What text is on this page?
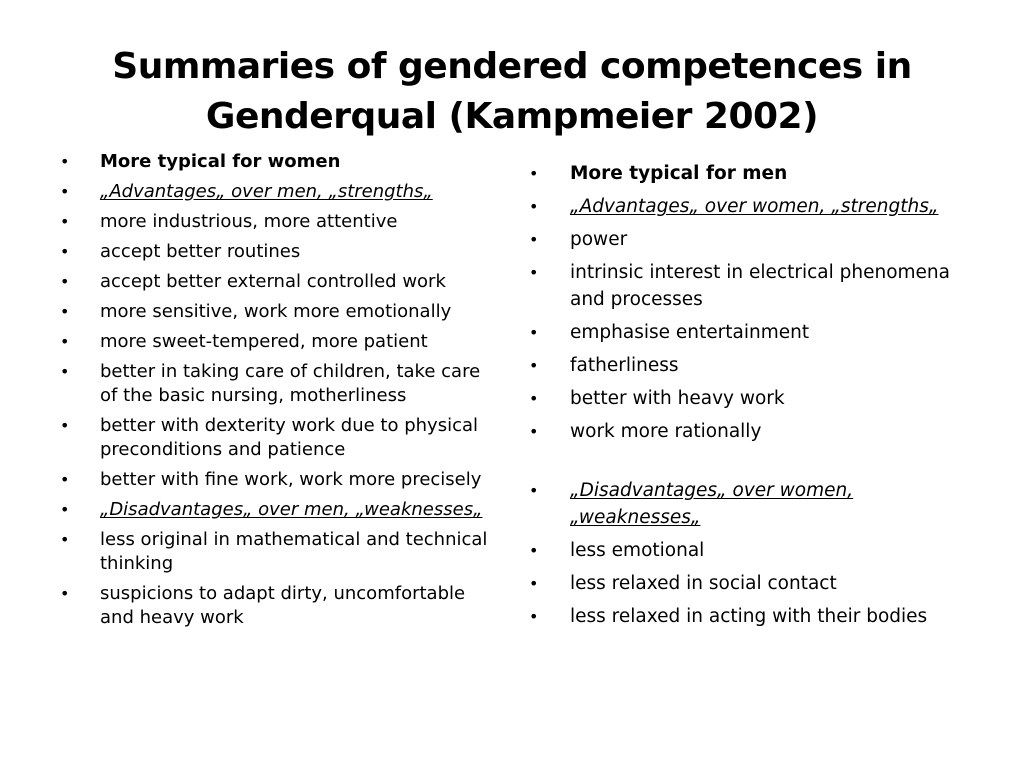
Summaries of gendered competences in
Genderqual (Kampmeier 2002)
• More typical for women
• „Advantages„ over men, „strengths„
• more industrious, more attentive
• accept better routines
• accept better external controlled work
• more sensitive, work more emotionally
• more sweet-tempered, more patient
• better in taking care of children, take care of the basic nursing, motherliness
• better with dexterity work due to physical preconditions and patience
• better with fine work, work more precisely
• „Disadvantages„ over men, „weaknesses„
• less original in mathematical and technical thinking
• suspicions to adapt dirty, uncomfortable and heavy work
• More typical for men
• „Advantages„ over women, „strengths„
• power
• intrinsic interest in electrical phenomena and processes
• emphasise entertainment
• fatherliness
• better with heavy work
• work more rationally
• „Disadvantages„ over women, „weaknesses„
• less emotional
• less relaxed in social contact
• less relaxed in acting with their bodies
